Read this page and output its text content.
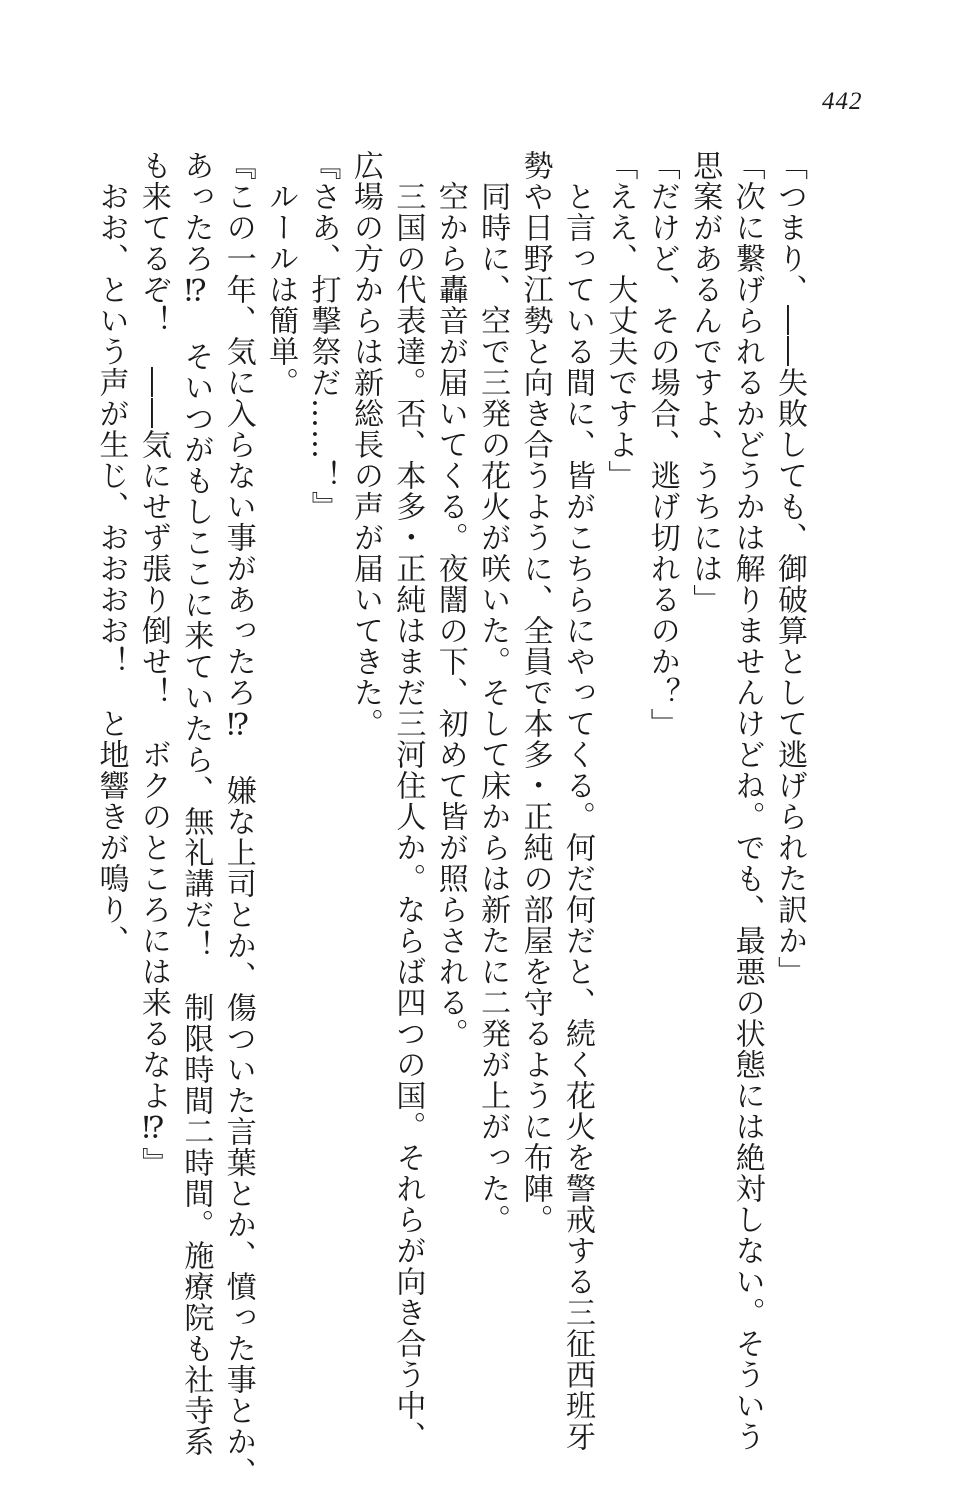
442
「つまり、――失敗しても、御破算として逃げられた訳か」
「次に繋げられるかどうかは解りませんけどね。でも、最悪の状態には絶対しない。そういう
思案があるんですよ、うちには」
「だけど、その場合、逃げ切れるのか？」
「ええ、大丈夫ですよ」
　と言っている間に、皆がこちらにやってくる。何だ何だと、続く花火を警戒する三征西班牙
勢や日野江勢と向き合うように、全員で本多・正純の部屋を守るように布陣。
　同時に、空で三発の花火が咲いた。そして床からは新たに二発が上がった。
　空から轟音が届いてくる。夜闇の下、初めて皆が照らされる。
　三国の代表達。否、本多・正純はまだ三河住人か。ならば四つの国。それらが向き合う中、
広場の方からは新総長の声が届いてきた。
『さあ、打撃祭だ……！』
　ルールは簡単。
『この一年、気に入らない事があったろ⁉　嫌な上司とか、傷ついた言葉とか、憤った事とか、
あったろ⁉　そいつがもしここに来ていたら、無礼講だ！　制限時間二時間。施療院も社寺系
も来てるぞ！　――気にせず張り倒せ！　ボクのところには来るなよ⁉』
　おお、という声が生じ、おおおお！　と地響きが鳴り、
